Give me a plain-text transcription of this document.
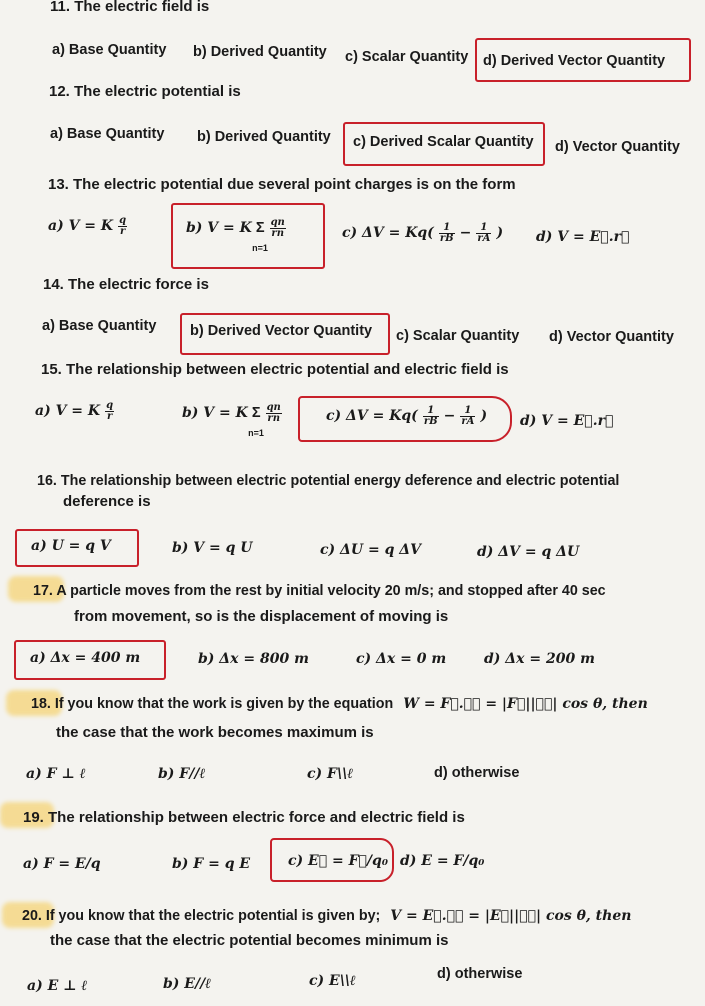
11. The electric field is
a) Base Quantity b) Derived Quantity c) Scalar Quantity d) Derived Vector Quantity
12. The electric potential is
a) Base Quantity b) Derived Quantity c) Derived Scalar Quantity d) Vector Quantity
13. The electric potential due several point charges is on the form
a) V = K $\frac{q}{r}$	b) V = K Σ
n=1

$\frac{qn}{rn}$	c) $\Delta V = Kq( \frac{1}{rB} - \frac{1}{rA}$ ) d) V = E⃗.r⃗
14. The electric force is
a) Base Quantity b) Derived Vector Quantity c) Scalar Quantity d) Vector Quantity
15. The relationship between electric potential and electric field is
a) V = K $\frac{q}{r}$	b) V = K Σ
n=1

$\frac{qn}{rn}$	c) $\Delta V = Kq( \frac{1}{rB} - \frac{1}{rA}$ ) d) V = E⃗.r⃗
16. The relationship between electric potential energy deference and electric potential
deference is
a) U = q V	b) V = q U	c) ΔU = q ΔV	d) ΔV = q ΔU
17. A particle moves from the rest by initial velocity 20 m/s; and stopped after 40 sec
from movement, so is the displacement of moving is
a) Δx = 400 m	b) Δx = 800 m	c) Δx = 0 m	d) Δx = 200 m
18. If you know that the work is given by the equation W = F⃗.ℓ⃗ = |F⃗||ℓ⃗| cos θ, then
the case that the work becomes maximum is
a) F ⊥ ℓ	b) F//ℓ	c) F\\ℓ	d) otherwise
19. The relationship between electric force and electric field is
a) F = E/q	b) F = q E	c) E⃗ = F⃗/q₀ d) E = F/q₀
20. If you know that the electric potential is given by; V = E⃗.ℓ⃗ = |E⃗||ℓ⃗| cos θ, then
the case that the electric potential becomes minimum is
a) E ⊥ ℓ	b) E//ℓ	c) E\\ℓ	d) otherwise
